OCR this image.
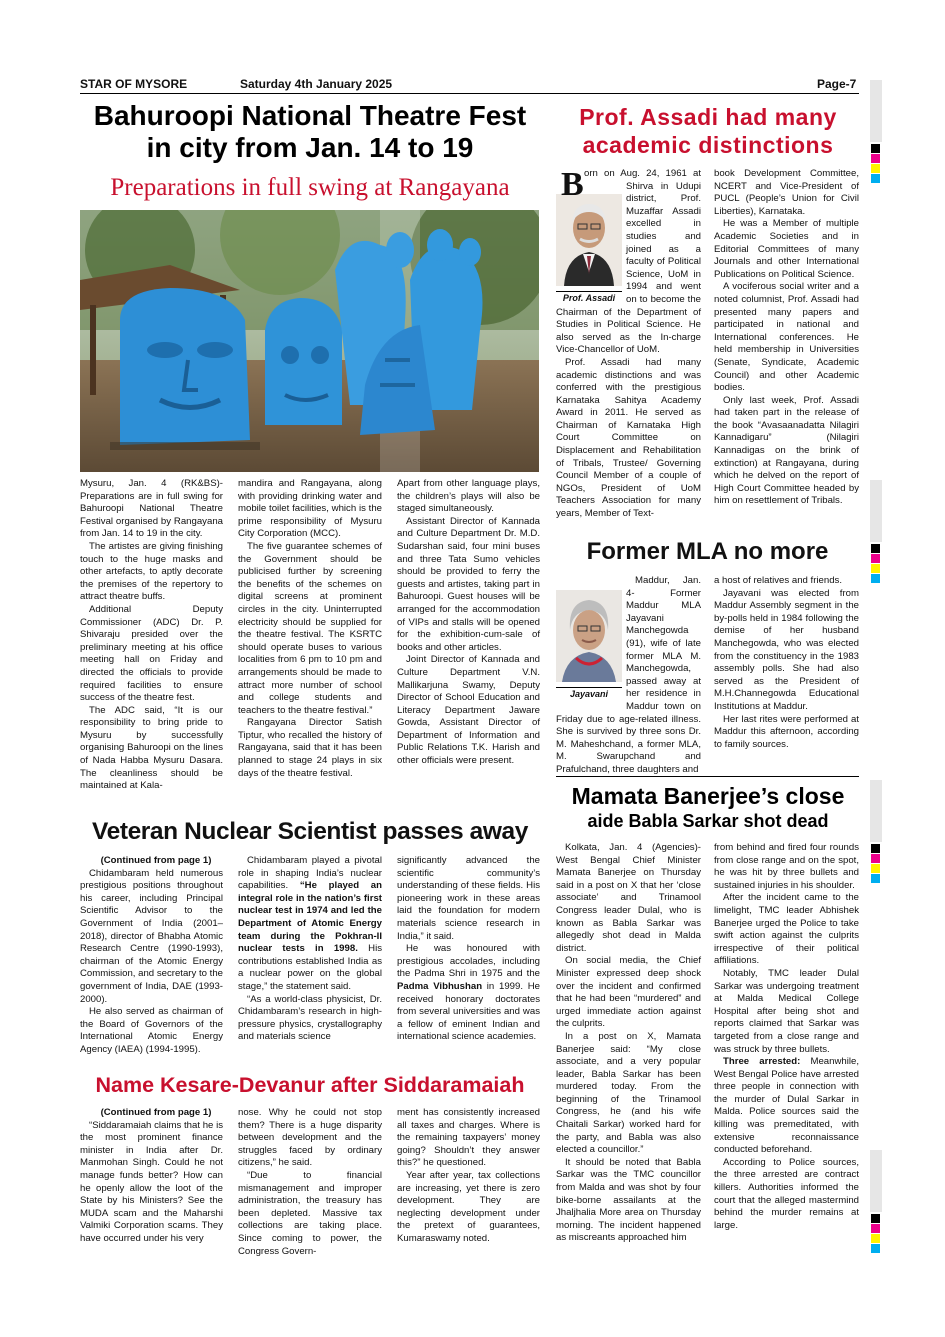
STAR OF MYSORE	Saturday 4th January 2025	Page-7
Bahuroopi National Theatre Fest
in city from Jan. 14 to 19
Preparations in full swing at Rangayana

Mysuru, Jan. 4 (RK&BS)- Preparations are in full swing for Bahuroopi National Theatre Festival organised by Rangayana from Jan. 14 to 19 in the city.

The artistes are giving finishing touch to the huge masks and other artefacts, to aptly decorate the premises of the repertory to attract theatre buffs.

Additional Deputy Commissioner (ADC) Dr. P. Shivaraju presided over the preliminary meeting at his office meeting hall on Friday and directed the officials to provide required facilities to ensure success of the theatre fest.

The ADC said, “It is our responsibility to bring pride to Mysuru by successfully organising Bahuroopi on the lines of Nada Habba Mysuru Dasara. The cleanliness should be maintained at Kala-

mandira and Rangayana, along with providing drinking water and mobile toilet facilities, which is the prime responsibility of Mysuru City Corporation (MCC).

The five guarantee schemes of the Government should be publicised further by screening the benefits of the schemes on digital screens at prominent circles in the city. Uninterrupted electricity should be supplied for the theatre festival. The KSRTC should operate buses to various localities from 6 pm to 10 pm and arrangements should be made to attract more number of school and college students and teachers to the theatre festival.”

Rangayana Director Satish Tiptur, who recalled the history of Rangayana, said that it has been planned to stage 24 plays in six days of the theatre festival.

Apart from other language plays, the children’s plays will also be staged simultaneously.

Assistant Director of Kannada and Culture Department Dr. M.D. Sudarshan said, four mini buses and three Tata Sumo vehicles should be provided to ferry the guests and artistes, taking part in Bahuroopi. Guest houses will be arranged for the accommodation of VIPs and stalls will be opened for the exhibition-cum-sale of books and other articles.

Joint Director of Kannada and Culture Department V.N. Mallikarjuna Swamy, Deputy Director of School Education and Literacy Department Jaware Gowda, Assistant Director of Department of Information and Public Relations T.K. Harish and other officials were present.

Prof. Assadi had many
academic distinctions
Prof. Assadi
B orn on Aug. 24, 1961 at Shirva in Udupi district, Prof. Muzaffar Assadi excelled in studies and joined as a faculty of Political Science, UoM in 1994 and went on to become the Chairman of the Department of Studies in Political Science. He also served as the In-charge Vice-Chancellor of UoM.

Prof. Assadi had many academic distinctions and was conferred with the prestigious Karnataka Sahitya Academy Award in 2011. He served as Chairman of Karnataka High Court Committee on Displacement and Rehabilitation of Tribals, Trustee/ Governing Council Member of a couple of NGOs, President of UoM Teachers Association for many years, Member of Text-

book Development Committee, NCERT and Vice-President of PUCL (People’s Union for Civil Liberties), Karnataka.

He was a Member of multiple Academic Societies and in Editorial Committees of many Journals and other International Publications on Political Science.

A vociferous social writer and a noted columnist, Prof. Assadi had presented many papers and participated in national and International conferences. He held membership in Universities (Senate, Syndicate, Academic Council) and other Academic bodies.

Only last week, Prof. Assadi had taken part in the release of the book “Avasaanadatta Nilagiri Kannadigaru” (Nilagiri Kannadigas on the brink of extinction) at Rangayana, during which he delved on the report of High Court Committee headed by him on resettlement of Tribals.

Former MLA no more
Jayavani

Maddur, Jan. 4- Former Maddur MLA Jayavani Manchegowda (91), wife of late former MLA M. Manchegowda, passed away at her residence in Maddur town on Friday due to age-related illness. She is survived by three sons Dr. M. Maheshchand, a former MLA, M. Swarupchand and Prafulchand, three daughters and

a host of relatives and friends.

Jayavani was elected from Maddur Assembly segment in the by-polls held in 1984 following the demise of her husband Manchegowda, who was elected from the constituency in the 1983 assembly polls. She had also served as the President of M.H.Channegowda Educational Institutions at Maddur.

Her last rites were performed at Maddur this afternoon, according to family sources.

Veteran Nuclear Scientist passes away

(Continued from page 1)

Chidambaram held numerous prestigious positions throughout his career, including Principal Scientific Advisor to the Government of India (2001–2018), director of Bhabha Atomic Research Centre (1990-1993), chairman of the Atomic Energy Commission, and secretary to the government of India, DAE (1993-2000).

He also served as chairman of the Board of Governors of the International Atomic Energy Agency (IAEA) (1994-1995).

Chidambaram played a pivotal role in shaping India’s nuclear capabilities. “He played an integral role in the nation’s first nuclear test in 1974 and led the Department of Atomic Energy team during the Pokhran-II nuclear tests in 1998. His contributions established India as a nuclear power on the global stage,” the statement said.

“As a world-class physicist, Dr. Chidambaram’s research in high-pressure physics, crystallography and materials science

significantly advanced the scientific community’s understanding of these fields. His pioneering work in these areas laid the foundation for modern materials science research in India,” it said.

He was honoured with prestigious accolades, including the Padma Shri in 1975 and the Padma Vibhushan in 1999. He received honorary doctorates from several universities and was a fellow of eminent Indian and international science academies.

Name Kesare-Devanur after Siddaramaiah

(Continued from page 1)

“Siddaramaiah claims that he is the most prominent finance minister in India after Dr. Manmohan Singh. Could he not manage funds better? How can he openly allow the loot of the State by his Ministers? See the MUDA scam and the Maharshi Valmiki Corporation scams. They have occurred under his very

nose. Why he could not stop them? There is a huge disparity between development and the struggles faced by ordinary citizens,” he said.

“Due to financial mismanagement and improper administration, the treasury has been depleted. Massive tax collections are taking place. Since coming to power, the Congress Govern-

ment has consistently increased all taxes and charges. Where is the remaining taxpayers’ money going? Shouldn’t they answer this?” he questioned.

Year after year, tax collections are increasing, yet there is zero development. They are neglecting development under the pretext of guarantees, Kumaraswamy noted.

Mamata Banerjee’s close
aide Babla Sarkar shot dead

Kolkata, Jan. 4 (Agencies)- West Bengal Chief Minister Mamata Banerjee on Thursday said in a post on X that her ‘close associate’ and Trinamool Congress leader Dulal, who is known as Babla Sarkar was allegedly shot dead in Malda district.

On social media, the Chief Minister expressed deep shock over the incident and confirmed that he had been “murdered” and urged immediate action against the culprits.

In a post on X, Mamata Banerjee said: “My close associate, and a very popular leader, Babla Sarkar has been murdered today. From the beginning of the Trinamool Congress, he (and his wife Chaitali Sarkar) worked hard for the party, and Babla was also elected a councillor.”

It should be noted that Babla Sarkar was the TMC councillor from Malda and was shot by four bike-borne assailants at the Jhaljhalia More area on Thursday morning. The incident happened as miscreants approached him

from behind and fired four rounds from close range and on the spot, he was hit by three bullets and sustained injuries in his shoulder.

After the incident came to the limelight, TMC leader Abhishek Banerjee urged the Police to take swift action against the culprits irrespective of their political affiliations.

Notably, TMC leader Dulal Sarkar was undergoing treatment at Malda Medical College Hospital after being shot and reports claimed that Sarkar was targeted from a close range and was struck by three bullets.

Three arrested: Meanwhile, West Bengal Police have arrested three people in connection with the murder of Dulal Sarkar in Malda. Police sources said the killing was premeditated, with extensive reconnaissance conducted beforehand.

According to Police sources, the three arrested are contract killers. Authorities informed the court that the alleged mastermind behind the murder remains at large.
